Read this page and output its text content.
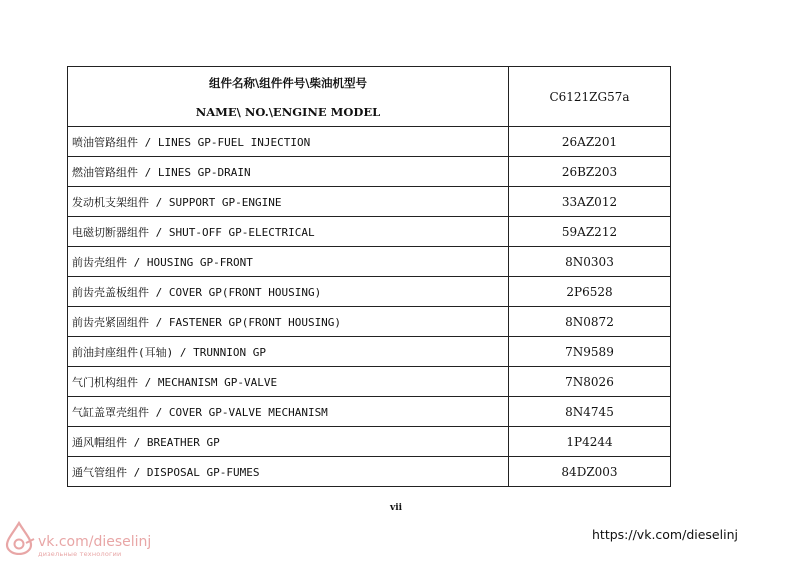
组件名称\组件件号\柴油机型号
NAME\ NO.\ENGINE MODEL	C6121ZG57a
喷油管路组件 / LINES GP-FUEL INJECTION	26AZ201
燃油管路组件 / LINES GP-DRAIN	26BZ203
发动机支架组件 / SUPPORT GP-ENGINE	33AZ012
电磁切断器组件 / SHUT-OFF GP-ELECTRICAL	59AZ212
前齿壳组件 / HOUSING GP-FRONT	8N0303
前齿壳盖板组件 / COVER GP(FRONT HOUSING)	2P6528
前齿壳紧固组件 / FASTENER GP(FRONT HOUSING)	8N0872
前油封座组件(耳轴) / TRUNNION GP	7N9589
气门机构组件 / MECHANISM GP-VALVE	7N8026
气缸盖罩壳组件 / COVER GP-VALVE MECHANISM	8N4745
通风帽组件 / BREATHER GP	1P4244
通气管组件 / DISPOSAL GP-FUMES	84DZ003
vii
vk.com/dieselinj
дизельные технологии
https://vk.com/dieselinj
